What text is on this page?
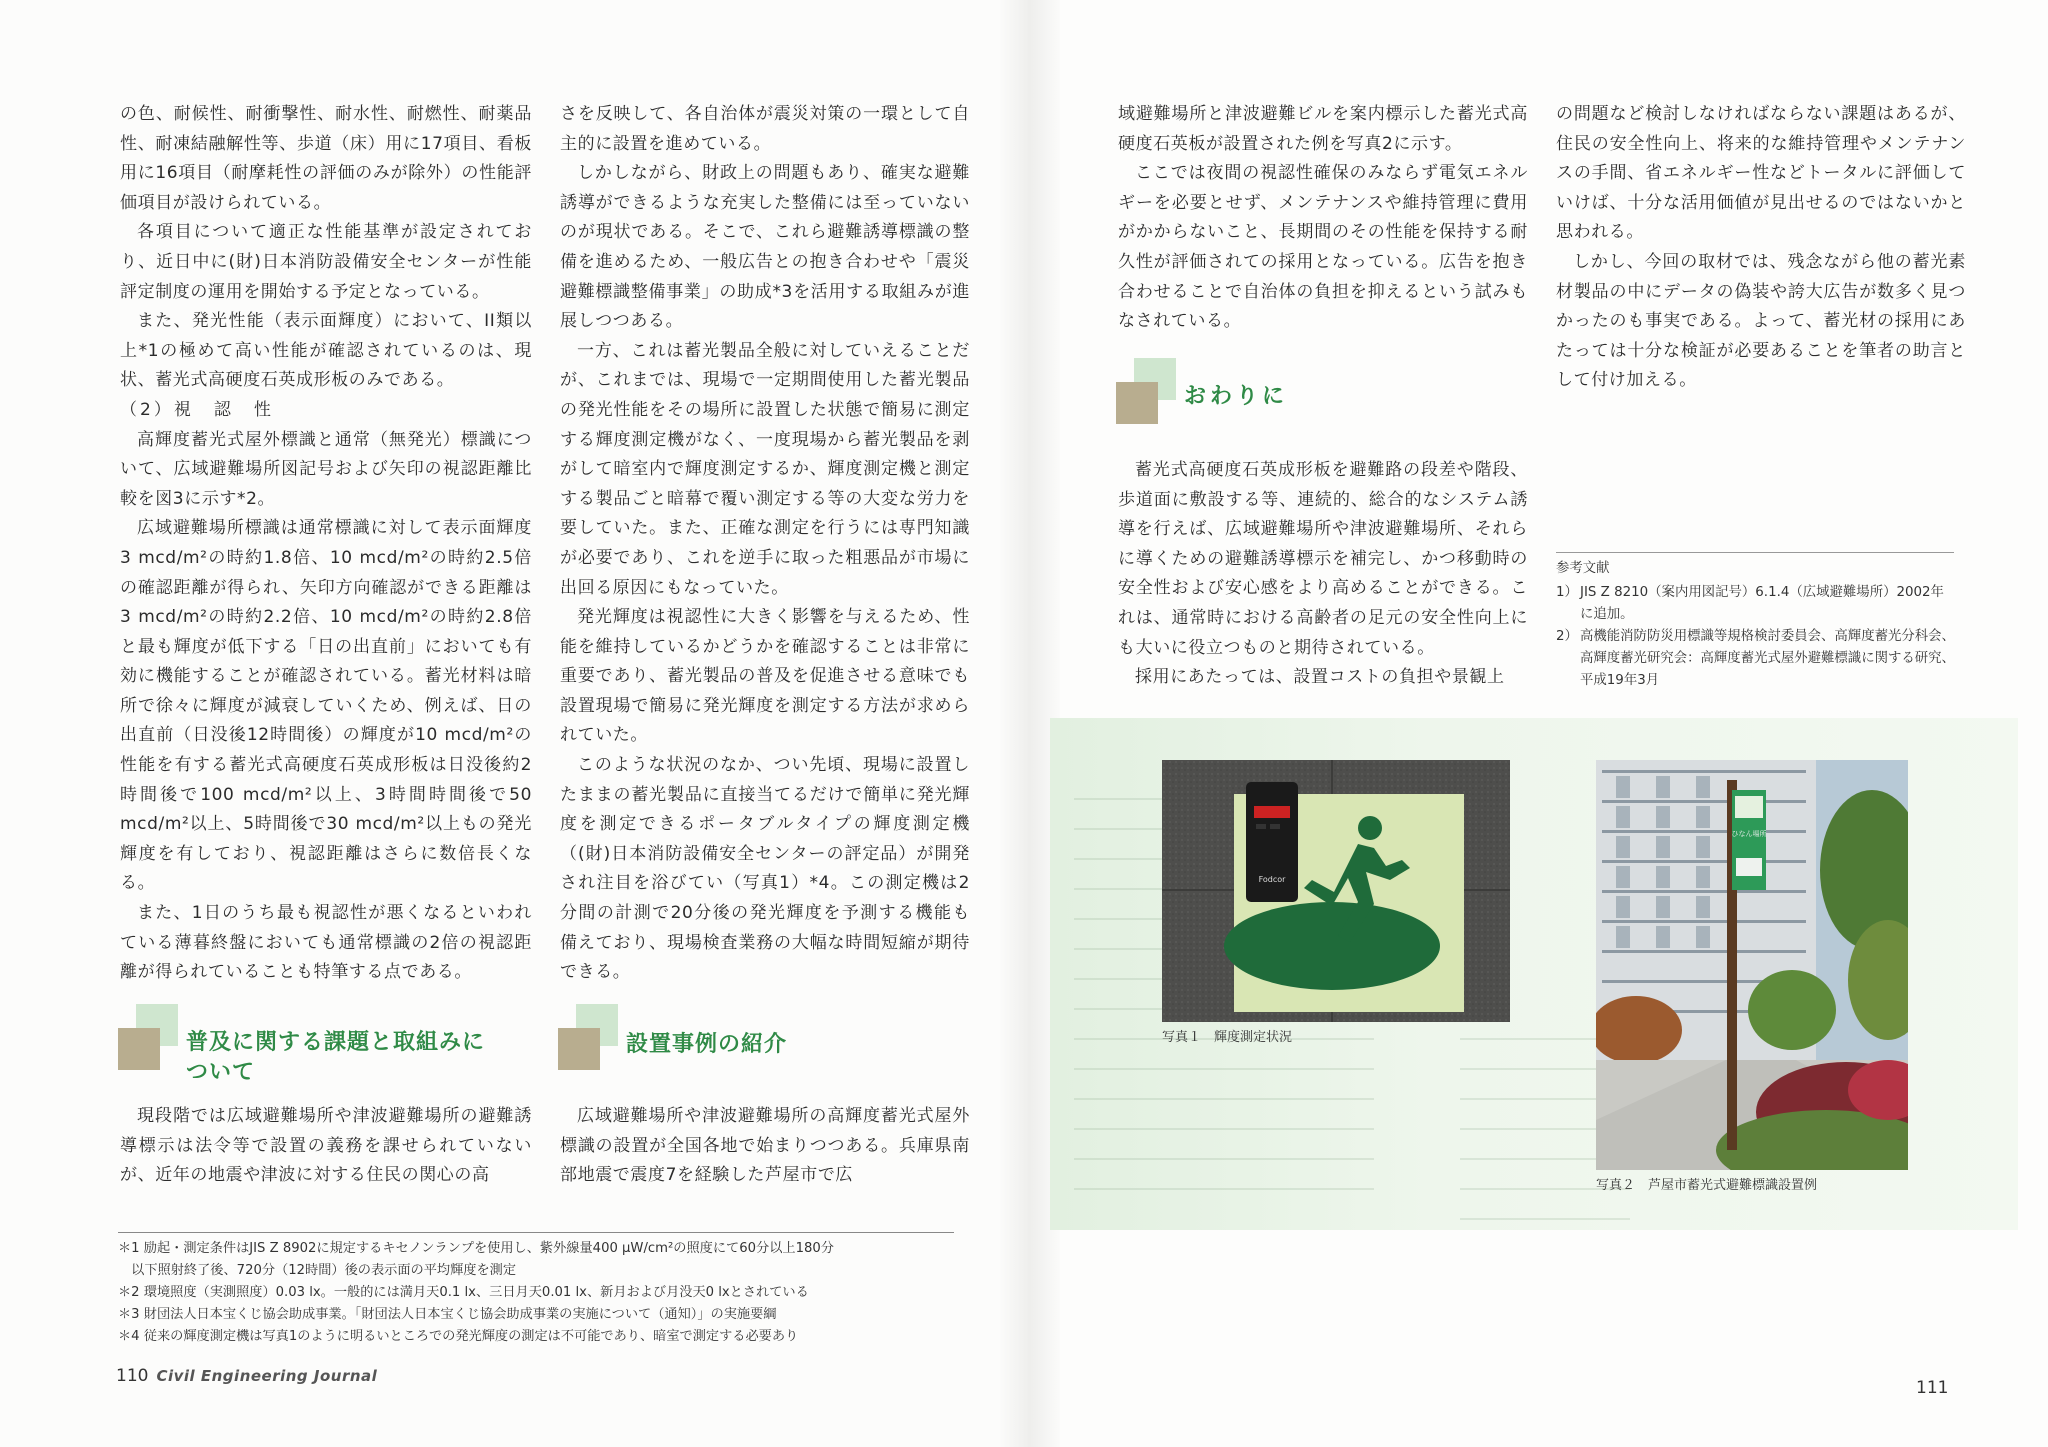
の色、耐候性、耐衝撃性、耐水性、耐燃性、耐薬品性、耐凍結融解性等、歩道（床）用に17項目、看板用に16項目（耐摩耗性の評価のみが除外）の性能評価項目が設けられている。

各項目について適正な性能基準が設定されており、近日中に(財)日本消防設備安全センターが性能評定制度の運用を開始する予定となっている。

また、発光性能（表示面輝度）において、II類以上*1の極めて高い性能が確認されているのは、現状、蓄光式高硬度石英成形板のみである。

（2）視　認　性

高輝度蓄光式屋外標識と通常（無発光）標識について、広域避難場所図記号および矢印の視認距離比較を図3に示す*2。

広域避難場所標識は通常標識に対して表示面輝度3 mcd/m²の時約1.8倍、10 mcd/m²の時約2.5倍の確認距離が得られ、矢印方向確認ができる距離は3 mcd/m²の時約2.2倍、10 mcd/m²の時約2.8倍と最も輝度が低下する「日の出直前」においても有効に機能することが確認されている。蓄光材料は暗所で徐々に輝度が減衰していくため、例えば、日の出直前（日没後12時間後）の輝度が10 mcd/m²の性能を有する蓄光式高硬度石英成形板は日没後約2時間後で100 mcd/m²以上、3時間時間後で50 mcd/m²以上、5時間後で30 mcd/m²以上もの発光輝度を有しており、視認距離はさらに数倍長くなる。

また、1日のうち最も視認性が悪くなるといわれている薄暮終盤においても通常標識の2倍の視認距離が得られていることも特筆する点である。

さを反映して、各自治体が震災対策の一環として自主的に設置を進めている。

しかしながら、財政上の問題もあり、確実な避難誘導ができるような充実した整備には至っていないのが現状である。そこで、これら避難誘導標識の整備を進めるため、一般広告との抱き合わせや「震災避難標識整備事業」の助成*3を活用する取組みが進展しつつある。

一方、これは蓄光製品全般に対していえることだが、これまでは、現場で一定期間使用した蓄光製品の発光性能をその場所に設置した状態で簡易に測定する輝度測定機がなく、一度現場から蓄光製品を剥がして暗室内で輝度測定するか、輝度測定機と測定する製品ごと暗幕で覆い測定する等の大変な労力を要していた。また、正確な測定を行うには専門知識が必要であり、これを逆手に取った粗悪品が市場に出回る原因にもなっていた。

発光輝度は視認性に大きく影響を与えるため、性能を維持しているかどうかを確認することは非常に重要であり、蓄光製品の普及を促進させる意味でも設置現場で簡易に発光輝度を測定する方法が求められていた。

このような状況のなか、つい先頃、現場に設置したままの蓄光製品に直接当てるだけで簡単に発光輝度を測定できるポータブルタイプの輝度測定機（(財)日本消防設備安全センターの評定品）が開発され注目を浴びてい（写真1）*4。この測定機は2分間の計測で20分後の発光輝度を予測する機能も備えており、現場検査業務の大幅な時間短縮が期待できる。

普及に関する課題と取組みについて

現段階では広域避難場所や津波避難場所の避難誘導標示は法令等で設置の義務を課せられていないが、近年の地震や津波に対する住民の関心の高

設置事例の紹介

広域避難場所や津波避難場所の高輝度蓄光式屋外標識の設置が全国各地で始まりつつある。兵庫県南部地震で震度7を経験した芦屋市で広

＊1 励起・測定条件はJIS Z 8902に規定するキセノンランプを使用し、紫外線量400 μW/cm²の照度にて60分以上180分
　以下照射終了後、720分（12時間）後の表示面の平均輝度を測定
＊2 環境照度（実測照度）0.03 lx。一般的には満月天0.1 lx、三日月天0.01 lx、新月および月没天0 lxとされている
＊3 財団法人日本宝くじ協会助成事業。「財団法人日本宝くじ協会助成事業の実施について（通知）」の実施要綱
＊4 従来の輝度測定機は写真1のように明るいところでの発光輝度の測定は不可能であり、暗室で測定する必要あり
110 Civil Engineering Journal

域避難場所と津波避難ビルを案内標示した蓄光式高硬度石英板が設置された例を写真2に示す。

ここでは夜間の視認性確保のみならず電気エネルギーを必要とせず、メンテナンスや維持管理に費用がかからないこと、長期間のその性能を保持する耐久性が評価されての採用となっている。広告を抱き合わせることで自治体の負担を抑えるという試みもなされている。

おわりに

蓄光式高硬度石英成形板を避難路の段差や階段、歩道面に敷設する等、連続的、総合的なシステム誘導を行えば、広域避難場所や津波避難場所、それらに導くための避難誘導標示を補完し、かつ移動時の安全性および安心感をより高めることができる。これは、通常時における高齢者の足元の安全性向上にも大いに役立つものと期待されている。

採用にあたっては、設置コストの負担や景観上

の問題など検討しなければならない課題はあるが、住民の安全性向上、将来的な維持管理やメンテナンスの手間、省エネルギー性などトータルに評価していけば、十分な活用価値が見出せるのではないかと思われる。

しかし、今回の取材では、残念ながら他の蓄光素材製品の中にデータの偽装や誇大広告が数多く見つかったのも事実である。よって、蓄光材の採用にあたっては十分な検証が必要あることを筆者の助言として付け加える。

参考文献
1） JIS Z 8210（案内用図記号）6.1.4（広域避難場所）2002年に追加。
2） 高機能消防防災用標識等規格検討委員会、高輝度蓄光分科会、高輝度蓄光研究会：高輝度蓄光式屋外避難標識に関する研究、平成19年3月
Fodcor
写真１　輝度測定状況
ひなん場所
写真２　芦屋市蓄光式避難標識設置例
111
